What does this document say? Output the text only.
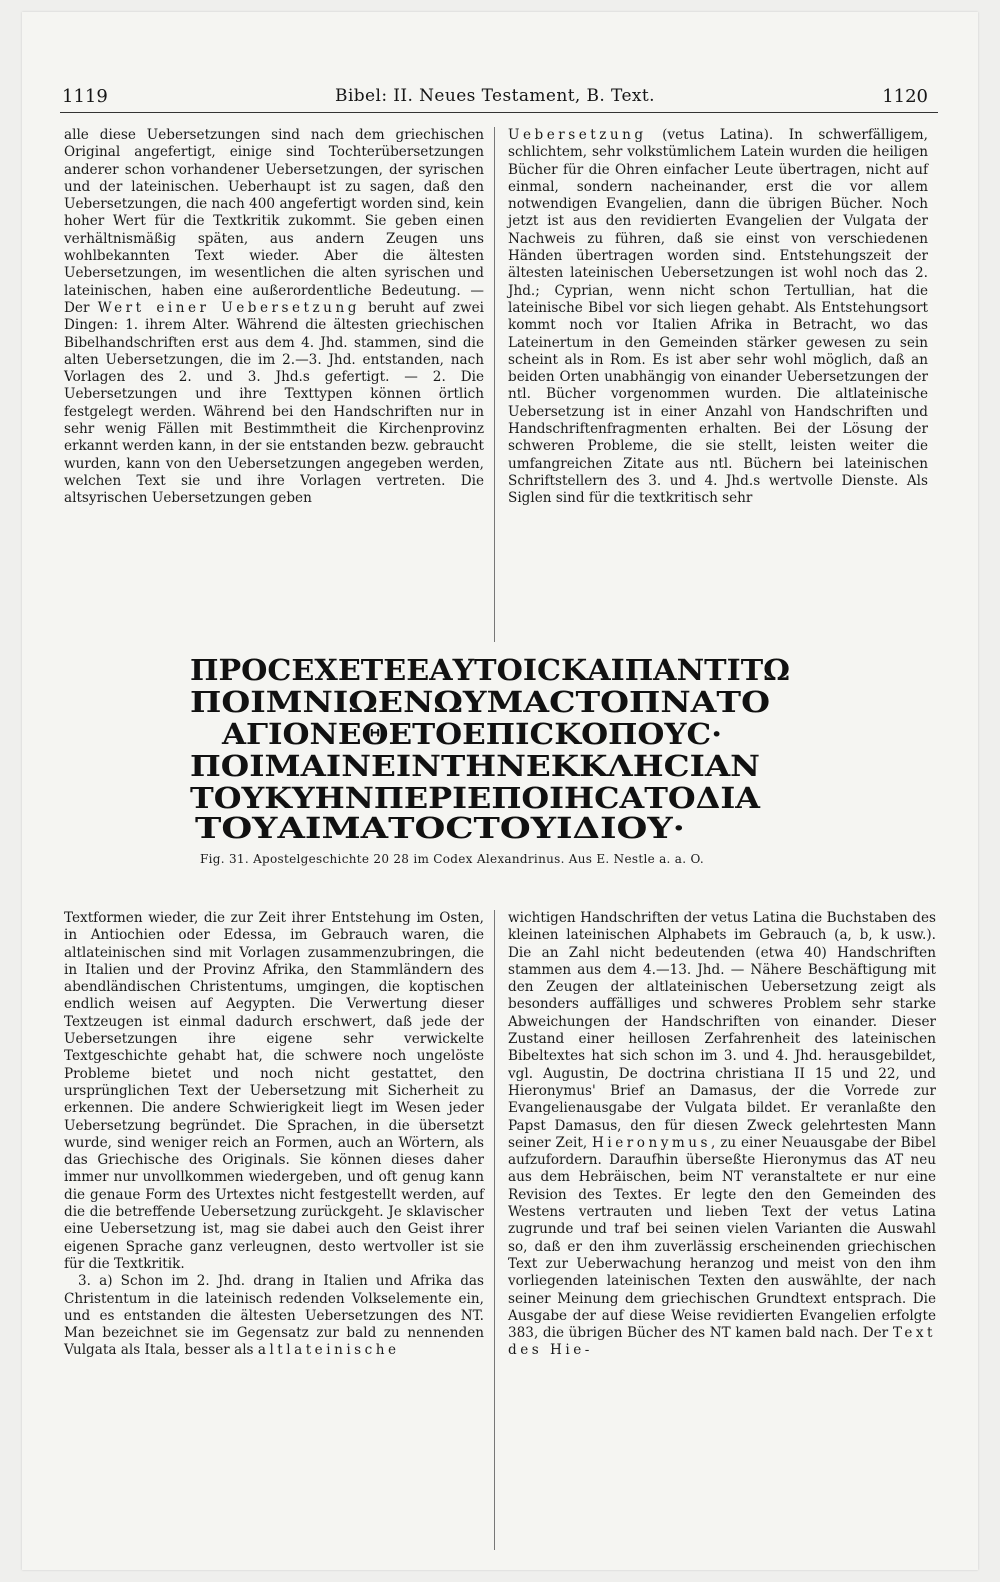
1119	Bibel: II. Neues Testament, B. Text.	1120

alle diese Uebersetzungen sind nach dem griechischen Original angefertigt, einige sind Tochterübersetzungen anderer schon vorhandener Uebersetzungen, der syrischen und der lateinischen. Ueberhaupt ist zu sagen, daß den Uebersetzungen, die nach 400 angefertigt worden sind, kein hoher Wert für die Textkritik zukommt. Sie geben einen verhältnismäßig späten, aus andern Zeugen uns wohlbekannten Text wieder. Aber die ältesten Uebersetzungen, im wesentlichen die alten syrischen und lateinischen, haben eine außerordentliche Bedeutung. — Der Wert einer Uebersetzung beruht auf zwei Dingen: 1. ihrem Alter. Während die ältesten griechischen Bibelhandschriften erst aus dem 4. Jhd. stammen, sind die alten Uebersetzungen, die im 2.—3. Jhd. entstanden, nach Vorlagen des 2. und 3. Jhd.s gefertigt. — 2. Die Uebersetzungen und ihre Texttypen können örtlich festgelegt werden. Während bei den Handschriften nur in sehr wenig Fällen mit Bestimmtheit die Kirchenprovinz erkannt werden kann, in der sie entstanden bezw. gebraucht wurden, kann von den Uebersetzungen angegeben werden, welchen Text sie und ihre Vorlagen vertreten. Die altsyrischen Uebersetzungen geben

Uebersetzung (vetus Latina). In schwerfälligem, schlichtem, sehr volkstümlichem Latein wurden die heiligen Bücher für die Ohren einfacher Leute übertragen, nicht auf einmal, sondern nacheinander, erst die vor allem notwendigen Evangelien, dann die übrigen Bücher. Noch jetzt ist aus den revidierten Evangelien der Vulgata der Nachweis zu führen, daß sie einst von verschiedenen Händen übertragen worden sind. Entstehungszeit der ältesten lateinischen Uebersetzungen ist wohl noch das 2. Jhd.; Cyprian, wenn nicht schon Tertullian, hat die lateinische Bibel vor sich liegen gehabt. Als Entstehungsort kommt noch vor Italien Afrika in Betracht, wo das Lateinertum in den Gemeinden stärker gewesen zu sein scheint als in Rom. Es ist aber sehr wohl möglich, daß an beiden Orten unabhängig von einander Uebersetzungen der ntl. Bücher vorgenommen wurden. Die altlateinische Uebersetzung ist in einer Anzahl von Handschriften und Handschriftenfragmenten erhalten. Bei der Lösung der schweren Probleme, die sie stellt, leisten weiter die umfangreichen Zitate aus ntl. Büchern bei lateinischen Schriftstellern des 3. und 4. Jhd.s wertvolle Dienste. Als Siglen sind für die textkritisch sehr

ΠΡΟCΕΧΕΤΕΕΑΥΤΟΙCΚΑΙΠΑΝΤΙΤΩ
ΠΟΙΜΝΙΩΕΝΩΥΜΑCΤΟΠΝΑΤΟ
ΑΓΙΟΝΕΘΕΤΟΕΠΙCΚΟΠΟΥC·
ΠΟΙΜΑΙΝΕΙΝΤΗΝΕΚΚΛΗCΙΑΝ
ΤΟΥΚΥΗΝΠΕΡΙΕΠΟΙΗCΑΤΟΔΙΑ
ΤΟΥΑΙΜΑΤΟCΤΟΥΙΔΙΟΥ·
Fig. 31. Apostelgeschichte 20 28 im Codex Alexandrinus. Aus E. Nestle a. a. O.

Textformen wieder, die zur Zeit ihrer Entstehung im Osten, in Antiochien oder Edessa, im Gebrauch waren, die altlateinischen sind mit Vorlagen zusammenzubringen, die in Italien und der Provinz Afrika, den Stammländern des abendländischen Christentums, umgingen, die koptischen endlich weisen auf Aegypten. Die Verwertung dieser Textzeugen ist einmal dadurch erschwert, daß jede der Uebersetzungen ihre eigene sehr verwickelte Textgeschichte gehabt hat, die schwere noch ungelöste Probleme bietet und noch nicht gestattet, den ursprünglichen Text der Uebersetzung mit Sicherheit zu erkennen. Die andere Schwierigkeit liegt im Wesen jeder Uebersetzung begründet. Die Sprachen, in die übersetzt wurde, sind weniger reich an Formen, auch an Wörtern, als das Griechische des Originals. Sie können dieses daher immer nur unvollkommen wiedergeben, und oft genug kann die genaue Form des Urtextes nicht festgestellt werden, auf die die betreffende Uebersetzung zurückgeht. Je sklavischer eine Uebersetzung ist, mag sie dabei auch den Geist ihrer eigenen Sprache ganz verleugnen, desto wertvoller ist sie für die Textkritik.

3. a) Schon im 2. Jhd. drang in Italien und Afrika das Christentum in die lateinisch redenden Volkselemente ein, und es entstanden die ältesten Uebersetzungen des NT. Man bezeichnet sie im Gegensatz zur bald zu nennenden Vulgata als Itala, besser als altlateinische

wichtigen Handschriften der vetus Latina die Buchstaben des kleinen lateinischen Alphabets im Gebrauch (a, b, k usw.). Die an Zahl nicht bedeutenden (etwa 40) Handschriften stammen aus dem 4.—13. Jhd. — Nähere Beschäftigung mit den Zeugen der altlateinischen Uebersetzung zeigt als besonders auffälliges und schweres Problem sehr starke Abweichungen der Handschriften von einander. Dieser Zustand einer heillosen Zerfahrenheit des lateinischen Bibeltextes hat sich schon im 3. und 4. Jhd. herausgebildet, vgl. Augustin, De doctrina christiana II 15 und 22, und Hieronymus' Brief an Damasus, der die Vorrede zur Evangelienausgabe der Vulgata bildet. Er veranlaßte den Papst Damasus, den für diesen Zweck gelehrtesten Mann seiner Zeit, Hieronymus, zu einer Neuausgabe der Bibel aufzufordern. Daraufhin überseßte Hieronymus das AT neu aus dem Hebräischen, beim NT veranstaltete er nur eine Revision des Textes. Er legte den den Gemeinden des Westens vertrauten und lieben Text der vetus Latina zugrunde und traf bei seinen vielen Varianten die Auswahl so, daß er den ihm zuverlässig erscheinenden griechischen Text zur Ueberwachung heranzog und meist von den ihm vorliegenden lateinischen Texten den auswählte, der nach seiner Meinung dem griechischen Grundtext entsprach. Die Ausgabe der auf diese Weise revidierten Evangelien erfolgte 383, die übrigen Bücher des NT kamen bald nach. Der Text des Hie-
